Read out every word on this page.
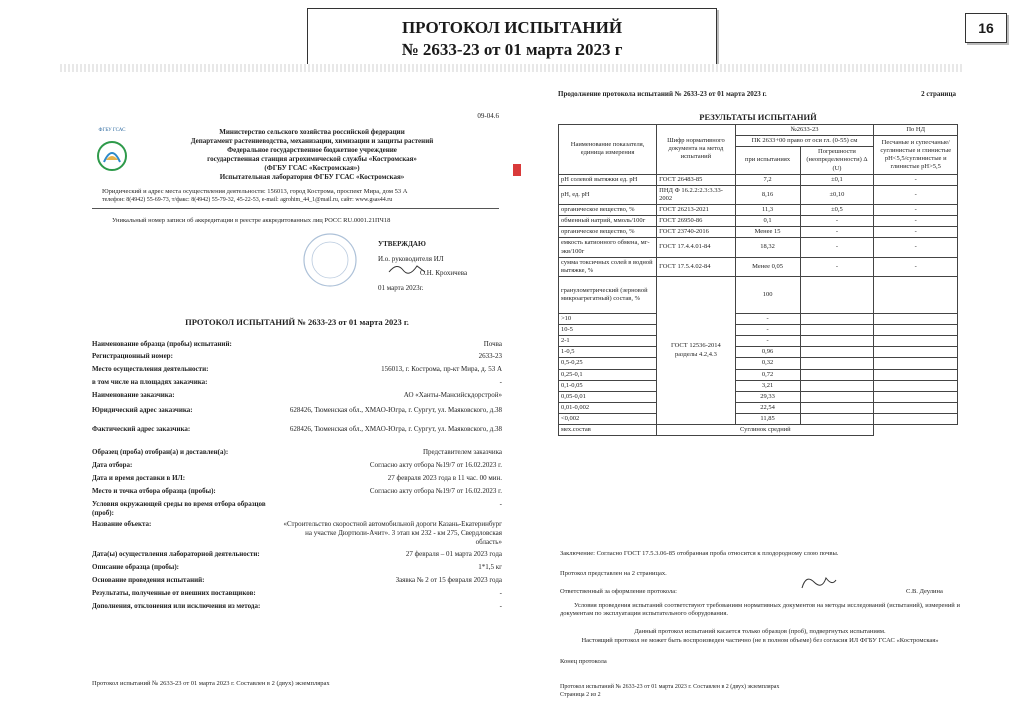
ПРОТОКОЛ ИСПЫТАНИЙ
№ 2633-23 от 01 марта 2023 г
16
09-04.6
ФГБУ ГСАС	Министерство сельского хозяйства российской федерации
Департамент растениеводства, механизации, химизации и защиты растений
Федеральное государственное бюджетное учреждение
государственная станция агрохимической службы «Костромская»
(ФГБУ ГСАС «Костромская»)
Испытательная лаборатория ФГБУ ГСАС «Костромская»
Юридический и адрес места осуществления деятельности: 156013, город Кострома, проспект Мира, дом 53 А
телефон: 8(4942) 55-69-73, т/факс: 8(4942) 55-79-32, 45-22-53, e-mail: agrohim_44_1@mail.ru, сайт: www.gsas44.ru
Уникальный номер записи об аккредитации в реестре аккредитованных лиц РОСС RU.0001.21ПЧ18
УТВЕРЖДАЮ
И.о. руководителя ИЛ
О.Н. Крохичева
01 марта 2023г.
ПРОТОКОЛ ИСПЫТАНИЙ № 2633-23 от 01 марта 2023 г.
Наименование образца (пробы) испытаний:	Почва
Регистрационный номер:	2633-23
Место осуществления деятельности:	156013, г. Кострома, пр-кт Мира, д. 53 А
в том числе на площадях заказчика:	-
Наименование заказчика:	АО «Ханты-Мансийскдорстрой»
Юридический адрес заказчика:	628426, Тюменская обл., ХМАО-Югра, г. Сургут, ул. Маяковского, д.38
Фактический адрес заказчика:	628426, Тюменская обл., ХМАО-Югра, г. Сургут, ул. Маяковского, д.38
Образец (проба) отобран(а) и доставлен(а):	Представителем заказчика
Дата отбора:	Согласно акту отбора №19/7 от 16.02.2023 г.
Дата и время доставки в ИЛ:	27 февраля 2023 года в 11 час. 00 мин.
Место и точка отбора образца (пробы):	Согласно акту отбора №19/7 от 16.02.2023 г.
Условия окружающей среды во время отбора образцов (проб):
-
Название объекта:	«Строительство скоростной автомобильной дороги Казань-Екатеринбург на участке Дюртюли-Ачит». 3 этап км 232 - км 275, Свердловская область»
Дата(ы) осуществления лабораторной деятельности:	27 февраля – 01 марта 2023 года
Описание образца (пробы):	1*1,5 кг
Основание проведения испытаний:	Заявка № 2 от 15 февраля 2023 года
Результаты, полученные от внешних поставщиков:	-
Дополнения, отклонения или исключения из метода:	-
Протокол испытаний № 2633-23 от 01 марта 2023 г. Составлен в 2 (двух) экземплярах
Продолжение протокола испытаний № 2633-23 от 01 марта 2023 г.	2 страница
РЕЗУЛЬТАТЫ ИСПЫТАНИЙ
Наименование показателя, единица измерения	Шифр нормативного документа на метод испытаний	№2633-23		По НД
		ПК 2633+00 право от оси гл. (0-55) см		Песчаные и супесчаные/суглинистые и глинистые рН<5,5/суглинистые и глинистые рН>5,5
		при испытаниях	Погрешности (неопределенности) Δ (U)	
рН солевой вытяжки ед. рН	ГОСТ 26483-85	7,2	±0,1	-
рН, ед. рН	ПНД Ф 16.2.2:2.3:3.33-2002	8,16	±0,10	-
органическое вещество, %	ГОСТ 26213-2021	11,3	±0,5	-
обменный натрий, ммоль/100г	ГОСТ 26950-86	0,1	-	-
органическое вещество, %	ГОСТ 23740-2016	Менее 15	-	-
емкость катионного обмена, мг-экв/100г	ГОСТ 17.4.4.01-84	18,32	-	-
сумма токсичных солей в водной вытяжке, %	ГОСТ 17.5.4.02-84	Менее 0,05	-	-
гранулометрический (зерновой микроагрегатный) состав, %	ГОСТ 12536-2014 разделы 4.2,4.3	100		
>10		-		
10-5		-		
2-1		-		
1-0,5		0,96		
0,5-0,25		0,32		
0,25-0,1		0,72		
0,1-0,05		3,21		
0,05-0,01		29,33		
0,01-0,002		22,54		
<0,002		11,85		
мех.состав	Суглинок средний			
Заключение: Согласно ГОСТ 17.5.3.06-85 отобранная проба относится к плодородному слою почвы.
Протокол представлен на 2 страницах.
Ответственный за оформление протокола:	С.В. Деулина
Условия проведения испытаний соответствуют требованиям нормативных документов на методы исследований (испытаний), измерений и документам по эксплуатации испытательного оборудования.
Данный протокол испытаний касается только образцов (проб), подвергнутых испытаниям.
Настоящий протокол не может быть воспроизведен частично (не в полном объеме) без согласия ИЛ ФГБУ ГСАС «Костромская»
Конец протокола
Протокол испытаний № 2633-23 от 01 марта 2023 г. Составлен в 2 (двух) экземплярах
Страница 2 из 2
